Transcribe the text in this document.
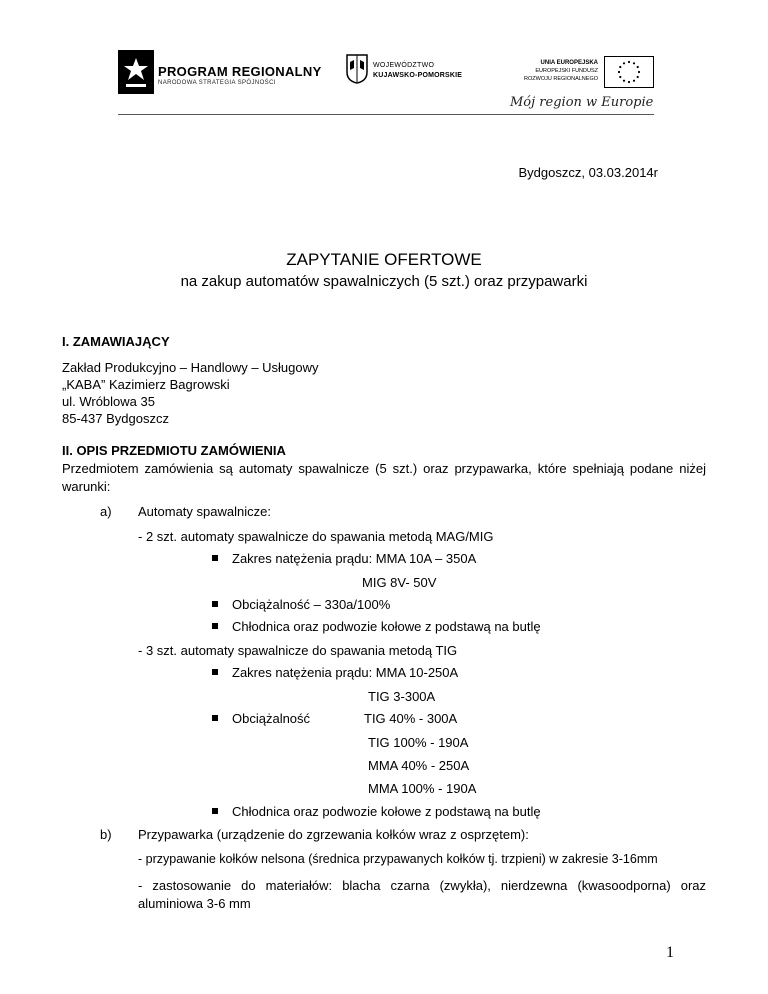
PROGRAM REGIONALNY
NARODOWA STRATEGIA SPÓJNOŚCI
WOJEWÓDZTWO
KUJAWSKO-POMORSKIE
UNIA EUROPEJSKA
EUROPEJSKI FUNDUSZ
ROZWOJU REGIONALNEGO
Mój region w Europie
Bydgoszcz, 03.03.2014r
ZAPYTANIE OFERTOWE
na zakup automatów spawalniczych (5 szt.) oraz przypawarki
I. ZAMAWIAJĄCY
Zakład Produkcyjno – Handlowy – Usługowy
„KABA” Kazimierz Bagrowski
ul. Wróblowa 35
85-437 Bydgoszcz
II. OPIS PRZEDMIOTU ZAMÓWIENIA
Przedmiotem zamówienia są automaty spawalnicze (5 szt.) oraz przypawarka, które spełniają podane niżej warunki:
a) Automaty spawalnicze:
- 2 szt. automaty spawalnicze do spawania metodą MAG/MIG
Zakres natężenia prądu: MMA 10A – 350A
MIG 8V- 50V
Obciążalność – 330a/100%
Chłodnica oraz podwozie kołowe z podstawą na butlę
- 3 szt. automaty spawalnicze do spawania metodą TIG
Zakres natężenia prądu: MMA 10-250A
TIG 3-300A
Obciążalność	TIG 40% - 300A
TIG 100% - 190A
MMA 40% - 250A
MMA 100% - 190A
Chłodnica oraz podwozie kołowe z podstawą na butlę
b) Przypawarka (urządzenie do zgrzewania kołków wraz z osprzętem):
- przypawanie kołków nelsona (średnica przypawanych kołków tj. trzpieni) w zakresie 3-16mm
- zastosowanie do materiałów: blacha czarna (zwykła), nierdzewna (kwasoodporna) oraz aluminiowa 3-6 mm
1
